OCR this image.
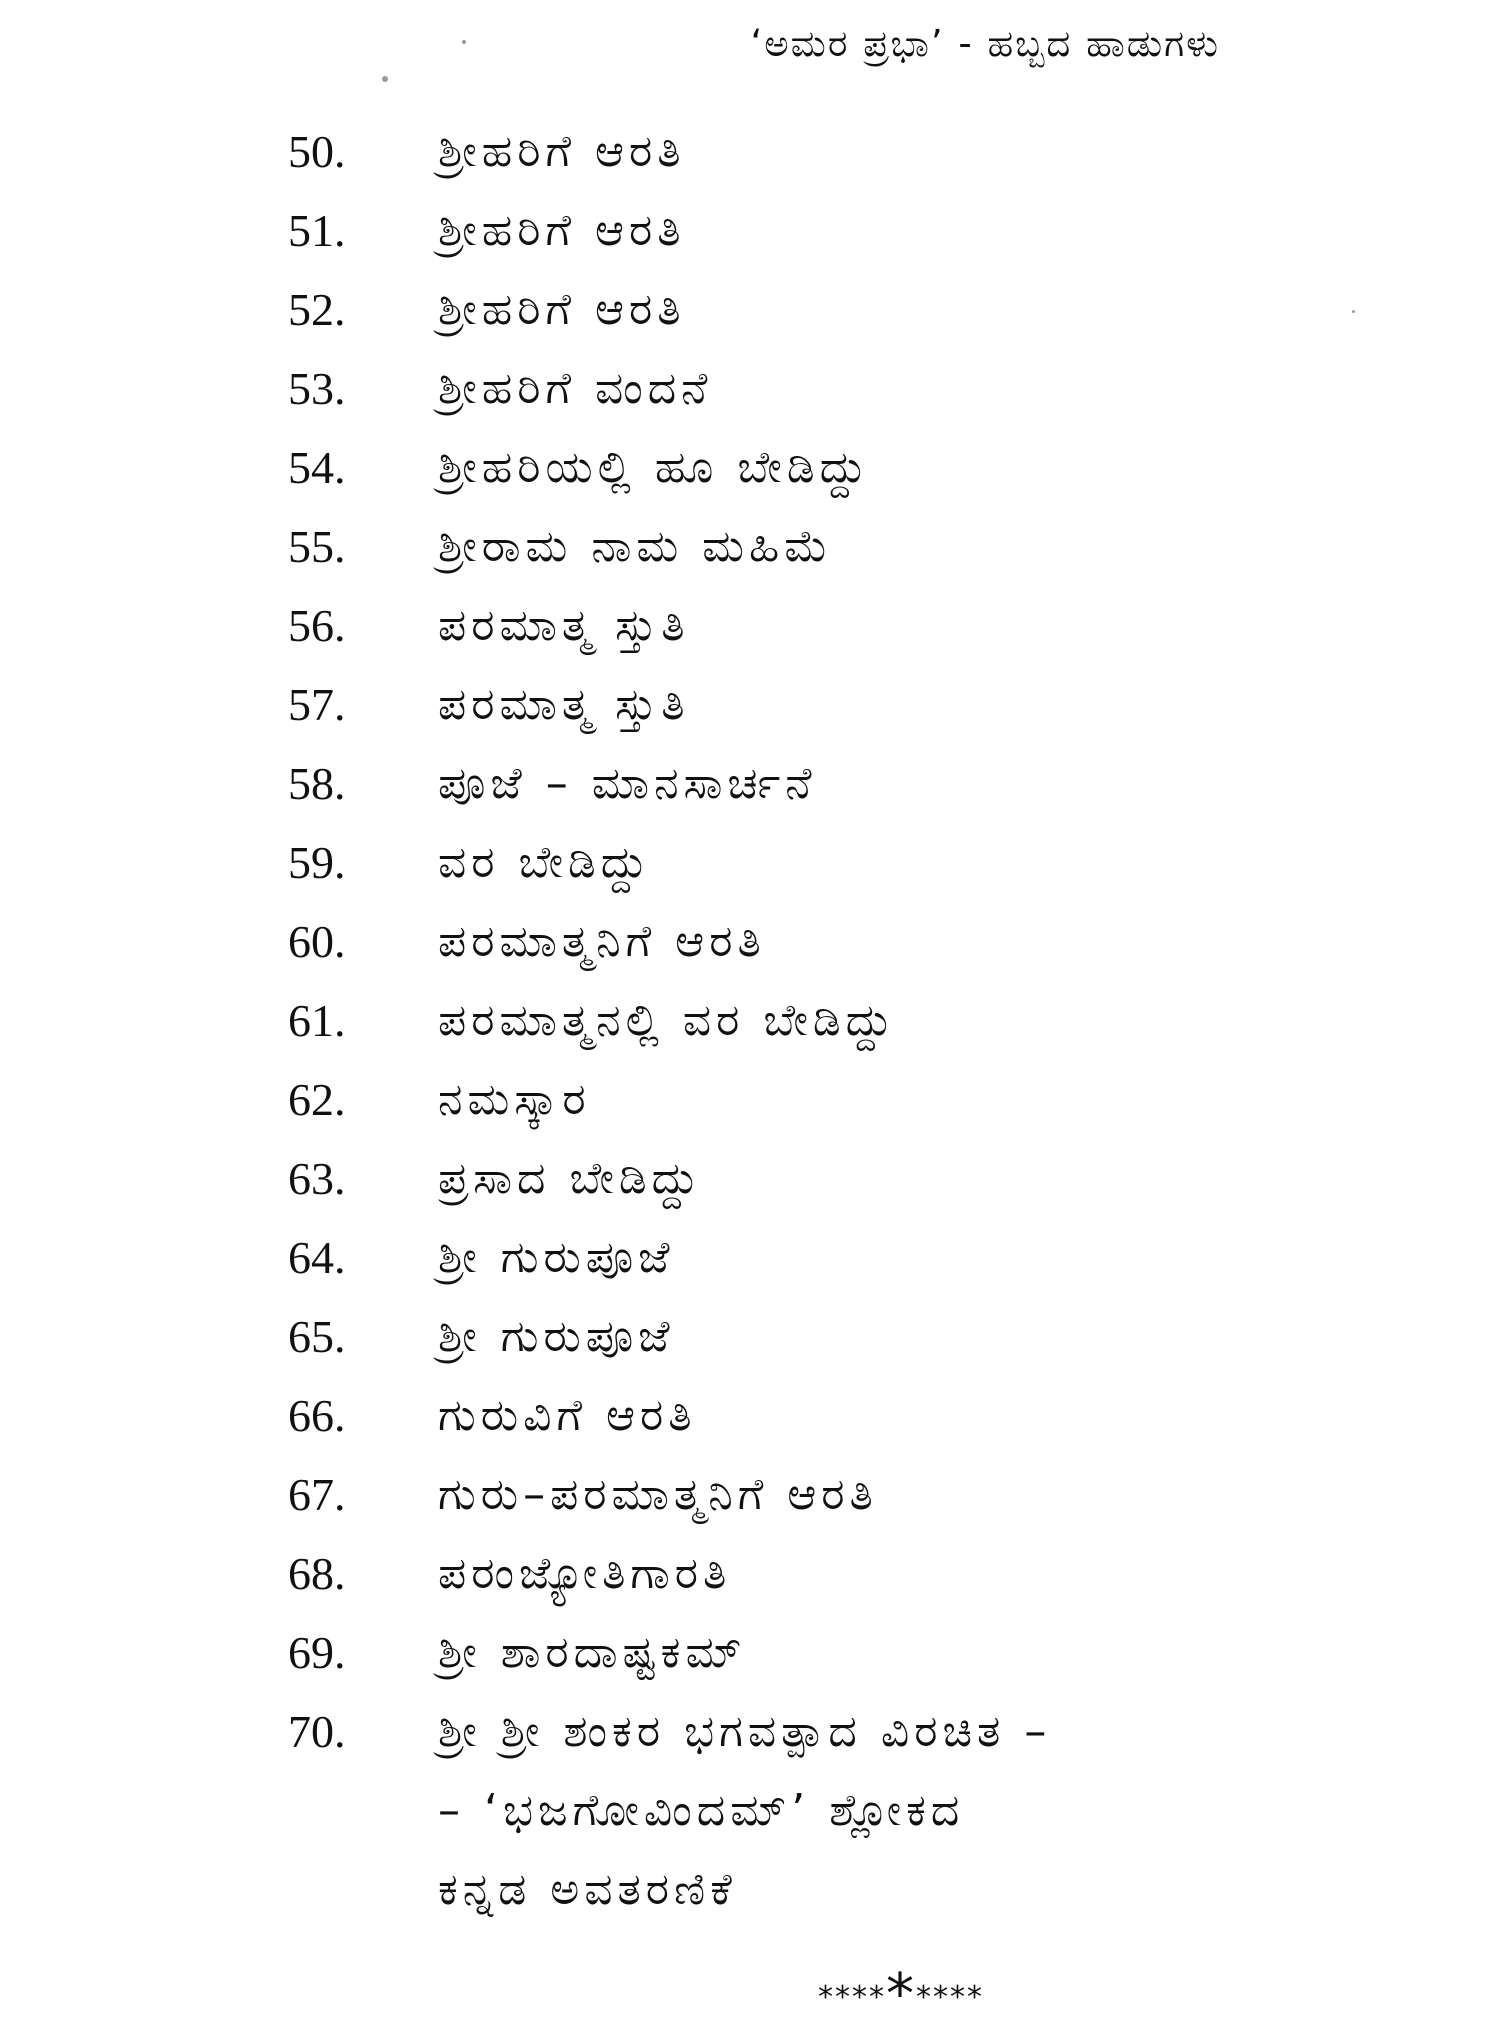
‘ಅಮರ ಪ್ರಭಾ’ - ಹಬ್ಬದ ಹಾಡುಗಳು
50.	ಶ್ರೀಹರಿಗೆ ಆರತಿ
51.	ಶ್ರೀಹರಿಗೆ ಆರತಿ
52.	ಶ್ರೀಹರಿಗೆ ಆರತಿ
53.	ಶ್ರೀಹರಿಗೆ ವಂದನೆ
54.	ಶ್ರೀಹರಿಯಲ್ಲಿ ಹೂ ಬೇಡಿದ್ದು
55.	ಶ್ರೀರಾಮ ನಾಮ ಮಹಿಮೆ
56.	ಪರಮಾತ್ಮ ಸ್ತುತಿ
57.	ಪರಮಾತ್ಮ ಸ್ತುತಿ
58.	ಪೂಜೆ – ಮಾನಸಾರ್ಚನೆ
59.	ವರ ಬೇಡಿದ್ದು
60.	ಪರಮಾತ್ಮನಿಗೆ ಆರತಿ
61.	ಪರಮಾತ್ಮನಲ್ಲಿ ವರ ಬೇಡಿದ್ದು
62.	ನಮಸ್ಕಾರ
63.	ಪ್ರಸಾದ ಬೇಡಿದ್ದು
64.	ಶ್ರೀ ಗುರುಪೂಜೆ
65.	ಶ್ರೀ ಗುರುಪೂಜೆ
66.	ಗುರುವಿಗೆ ಆರತಿ
67.	ಗುರು–ಪರಮಾತ್ಮನಿಗೆ ಆರತಿ
68.	ಪರಂಜ್ಯೋತಿಗಾರತಿ
69.	ಶ್ರೀ ಶಾರದಾಷ್ಟಕಮ್
70.	ಶ್ರೀ ಶ್ರೀ ಶಂಕರ ಭಗವತ್ಪಾದ ವಿರಚಿತ –
– ‘ಭಜಗೋವಿಂದಮ್’ ಶ್ಲೋಕದ
ಕನ್ನಡ ಅವತರಣಿಕೆ
*********
